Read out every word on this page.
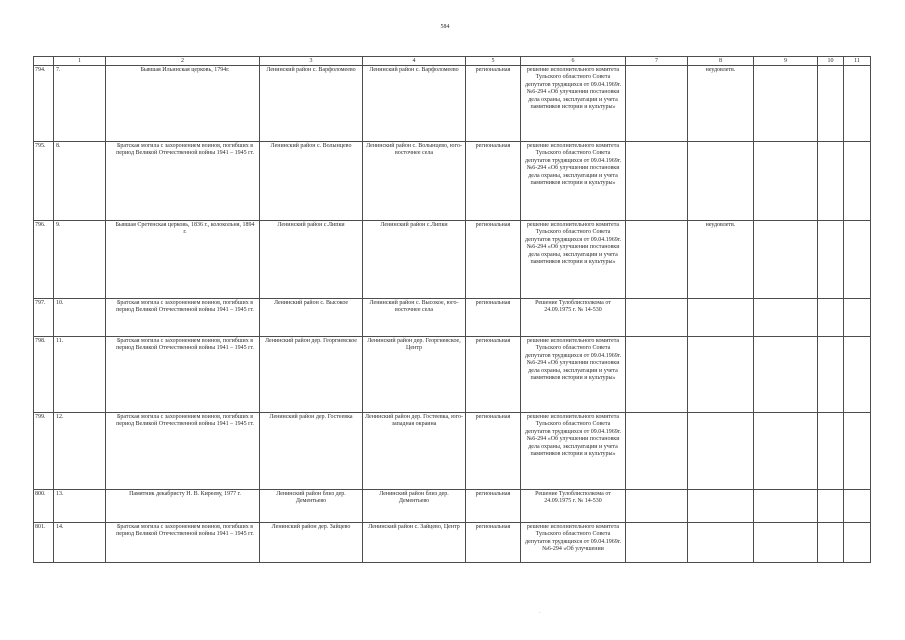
584
	1	2	3	4	5	6	7	8	9	10	11
794.	7.	Бывшая Ильинская церковь, 1794г.	Ленинский район с. Варфоломеево	Ленинский район с. Варфоломеево	региональная	решение исполнительного комитета Тульского областного Совета депутатов трудящихся от 09.04.1969г. №6-294 «Об улучшении постановки дела охраны, эксплуатации и учета памятников истории и культуры»		неудовлетв.			
795.	8.	Братская могила с захоронением воинов, погибших в период Великой Отечественной войны 1941 – 1945 гг.	Ленинский район с. Волынцево	Ленинский район с. Волынцево, юго-восточнее села	региональная	решение исполнительного комитета Тульского областного Совета депутатов трудящихся от 09.04.1969г. №6-294 «Об улучшении постановки дела охраны, эксплуатации и учета памятников истории и культуры»					
796.	9.	Бывшая Сретенская церковь, 1836 г., колокольня, 1894 г.	Ленинский район с.Липки	Ленинский район с.Липки	региональная	решение исполнительного комитета Тульского областного Совета депутатов трудящихся от 09.04.1969г. №6-294 «Об улучшении постановки дела охраны, эксплуатации и учета памятников истории и культуры»		неудовлетв.			
797.	10.	Братская могила с захоронением воинов, погибших в период Великой Отечественной войны 1941 – 1945 гг.	Ленинский район с. Высокое	Ленинский район с. Высокое, юго-восточнее села	региональная	Решение Тулоблисполкома от 24.09.1975 г. № 14-530					
798.	11.	Братская могила с захоронением воинов, погибших в период Великой Отечественной войны 1941 – 1945 гг.	Ленинский район дер. Георгиевское	Ленинский район дер. Георгиевское, Центр	региональная	решение исполнительного комитета Тульского областного Совета депутатов трудящихся от 09.04.1969г. №6-294 «Об улучшении постановки дела охраны, эксплуатации и учета памятников истории и культуры»					
799.	12.	Братская могила с захоронением воинов, погибших в период Великой Отечественной войны 1941 – 1945 гг.	Ленинский район дер. Гостеевка	Ленинский район дер. Гостеевка, юго-западная окраина	региональная	решение исполнительного комитета Тульского областного Совета депутатов трудящихся от 09.04.1969г. №6-294 «Об улучшении постановки дела охраны, эксплуатации и учета памятников истории и культуры»					
800.	13.	Памятник декабристу Н. В. Кирееву, 1977 г.	Ленинский район близ дер. Дементьево	Ленинский район близ дер. Дементьево	региональная	Решение Тулоблисполкома от 24.09.1975 г. № 14-530					
801.	14.	Братская могила с захоронением воинов, погибших в период Великой Отечественной войны 1941 – 1945 гг.	Ленинский район дер. Зайцево	Ленинский район с. Зайцево, Центр	региональная	решение исполнительного комитета Тульского областного Совета депутатов трудящихся от 09.04.1969г. №6-294 «Об улучшении					
·
